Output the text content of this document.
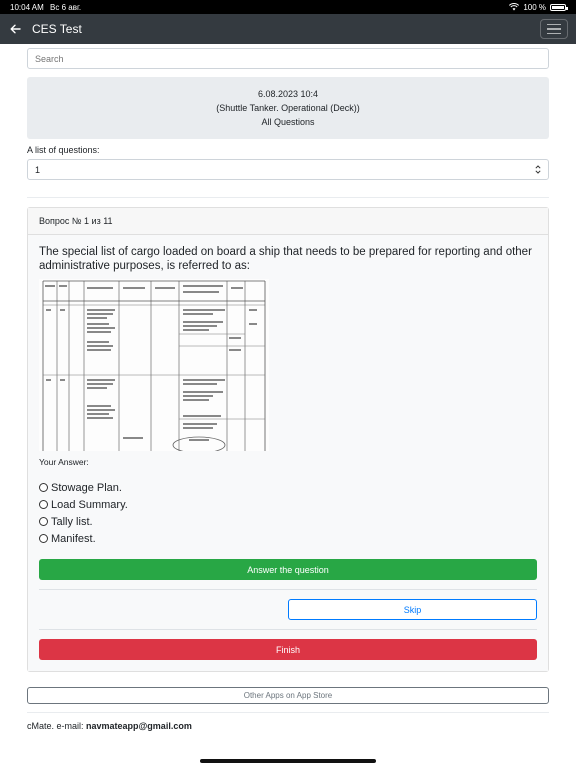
10:04 AM Вс 6 авг.	100 %
CES Test
Search
6.08.2023 10:4
(Shuttle Tanker. Operational (Deck))
All Questions
A list of questions:
1
Вопрос № 1 из 11
The special list of cargo loaded on board a ship that needs to be prepared for reporting and other administrative purposes, is referred to as:
Your Answer:
Stowage Plan.
Load Summary.
Tally list.
Manifest.
Answer the question
Skip
Finish
Other Apps on App Store
cMate. e-mail: navmateapp@gmail.com
